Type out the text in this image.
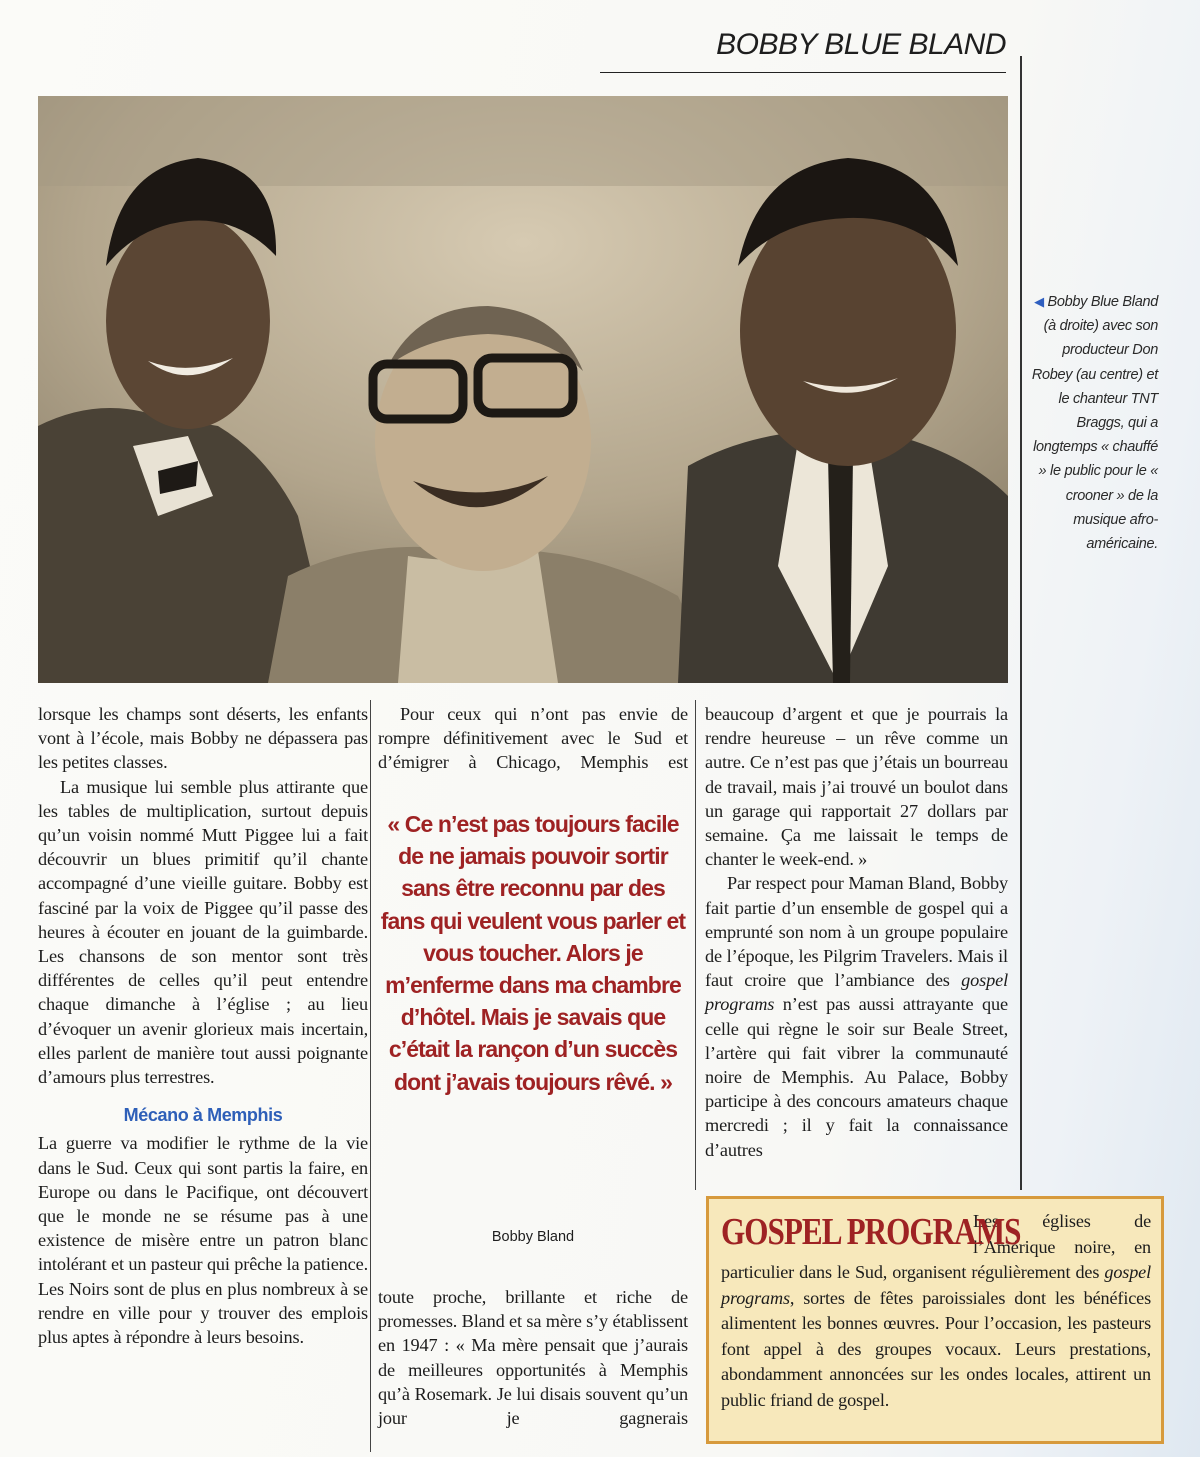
BOBBY BLUE BLAND
◀ Bobby Blue Bland (à droite) avec son producteur Don Robey (au centre) et le chanteur TNT Braggs, qui a longtemps « chauffé » le public pour le « crooner » de la musique afro-américaine.

lorsque les champs sont déserts, les enfants vont à l’école, mais Bobby ne dépassera pas les petites classes.

La musique lui semble plus attirante que les tables de multiplication, surtout depuis qu’un voisin nommé Mutt Piggee lui a fait découvrir un blues primitif qu’il chante accompagné d’une vieille guitare. Bobby est fasciné par la voix de Piggee qu’il passe des heures à écouter en jouant de la guimbarde. Les chansons de son mentor sont très différentes de celles qu’il peut entendre chaque dimanche à l’église ; au lieu d’évoquer un avenir glorieux mais incertain, elles parlent de manière tout aussi poignante d’amours plus terrestres.

Mécano à Memphis

La guerre va modifier le rythme de la vie dans le Sud. Ceux qui sont partis la faire, en Europe ou dans le Pacifique, ont découvert que le monde ne se résume pas à une existence de misère entre un patron blanc intolérant et un pasteur qui prêche la patience. Les Noirs sont de plus en plus nombreux à se rendre en ville pour y trouver des emplois plus aptes à répondre à leurs besoins.

Pour ceux qui n’ont pas envie de rompre définitivement avec le Sud et d’émigrer à Chicago, Memphis est

« Ce n’est pas toujours facile de ne jamais pouvoir sortir sans être reconnu par des fans qui veulent vous parler et vous toucher. Alors je m’enferme dans ma chambre d’hôtel. Mais je savais que c’était la rançon d’un succès dont j’avais toujours rêvé. »
Bobby Bland

toute proche, brillante et riche de promesses. Bland et sa mère s’y établissent en 1947 : « Ma mère pensait que j’aurais de meilleures opportunités à Memphis qu’à Rosemark. Je lui disais souvent qu’un jour je gagnerais

beaucoup d’argent et que je pourrais la rendre heureuse – un rêve comme un autre. Ce n’est pas que j’étais un bourreau de travail, mais j’ai trouvé un boulot dans un garage qui rapportait 27 dollars par semaine. Ça me laissait le temps de chanter le week-end. »

Par respect pour Maman Bland, Bobby fait partie d’un ensemble de gospel qui a emprunté son nom à un groupe populaire de l’époque, les Pilgrim Travelers. Mais il faut croire que l’ambiance des gospel programs n’est pas aussi attrayante que celle qui règne le soir sur Beale Street, l’artère qui fait vibrer la communauté noire de Memphis. Au Palace, Bobby participe à des concours amateurs chaque mercredi ; il y fait la connaissance d’autres

GOSPEL PROGRAMS
Les églises de l’Amérique noire, en particulier dans le Sud, organisent régulièrement des gospel programs, sortes de fêtes paroissiales dont les bénéfices alimentent les bonnes œuvres. Pour l’occasion, les pasteurs font appel à des groupes vocaux. Leurs prestations, abondamment annoncées sur les ondes locales, attirent un public friand de gospel.
